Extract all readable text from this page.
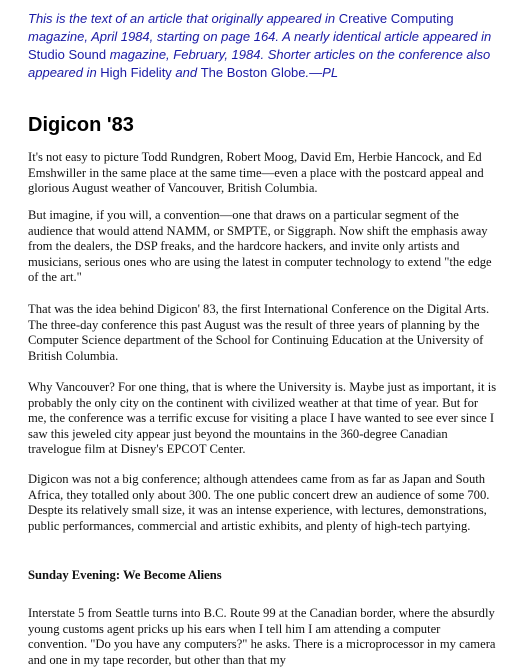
This is the text of an article that originally appeared in Creative Computing magazine, April 1984, starting on page 164. A nearly identical article appeared in Studio Sound magazine, February, 1984. Shorter articles on the conference also appeared in High Fidelity and The Boston Globe.—PL

Digicon '83

It's not easy to picture Todd Rundgren, Robert Moog, David Em, Herbie Hancock, and Ed Emshwiller in the same place at the same time—even a place with the postcard appeal and glorious August weather of Vancouver, British Columbia.

But imagine, if you will, a convention—one that draws on a particular segment of the audience that would attend NAMM, or SMPTE, or Siggraph. Now shift the emphasis away from the dealers, the DSP freaks, and the hardcore hackers, and invite only artists and musicians, serious ones who are using the latest in computer technology to extend "the edge of the art."

That was the idea behind Digicon' 83, the first International Conference on the Digital Arts. The three-day conference this past August was the result of three years of planning by the Computer Science department of the School for Continuing Education at the University of British Columbia.

Why Vancouver? For one thing, that is where the University is. Maybe just as important, it is probably the only city on the continent with civilized weather at that time of year. But for me, the conference was a terrific excuse for visiting a place I have wanted to see ever since I saw this jeweled city appear just beyond the mountains in the 360-degree Canadian travelogue film at Disney's EPCOT Center.

Digicon was not a big conference; although attendees came from as far as Japan and South Africa, they totalled only about 300. The one public concert drew an audience of some 700. Despte its relatively small size, it was an intense experience, with lectures, demonstrations, public performances, commercial and artistic exhibits, and plenty of high-tech partying.

Sunday Evening: We Become Aliens

Interstate 5 from Seattle turns into B.C. Route 99 at the Canadian border, where the absurdly young customs agent pricks up his ears when I tell him I am attending a computer convention. "Do you have any computers?" he asks. There is a microprocessor in my camera and one in my tape recorder, but other than that my
